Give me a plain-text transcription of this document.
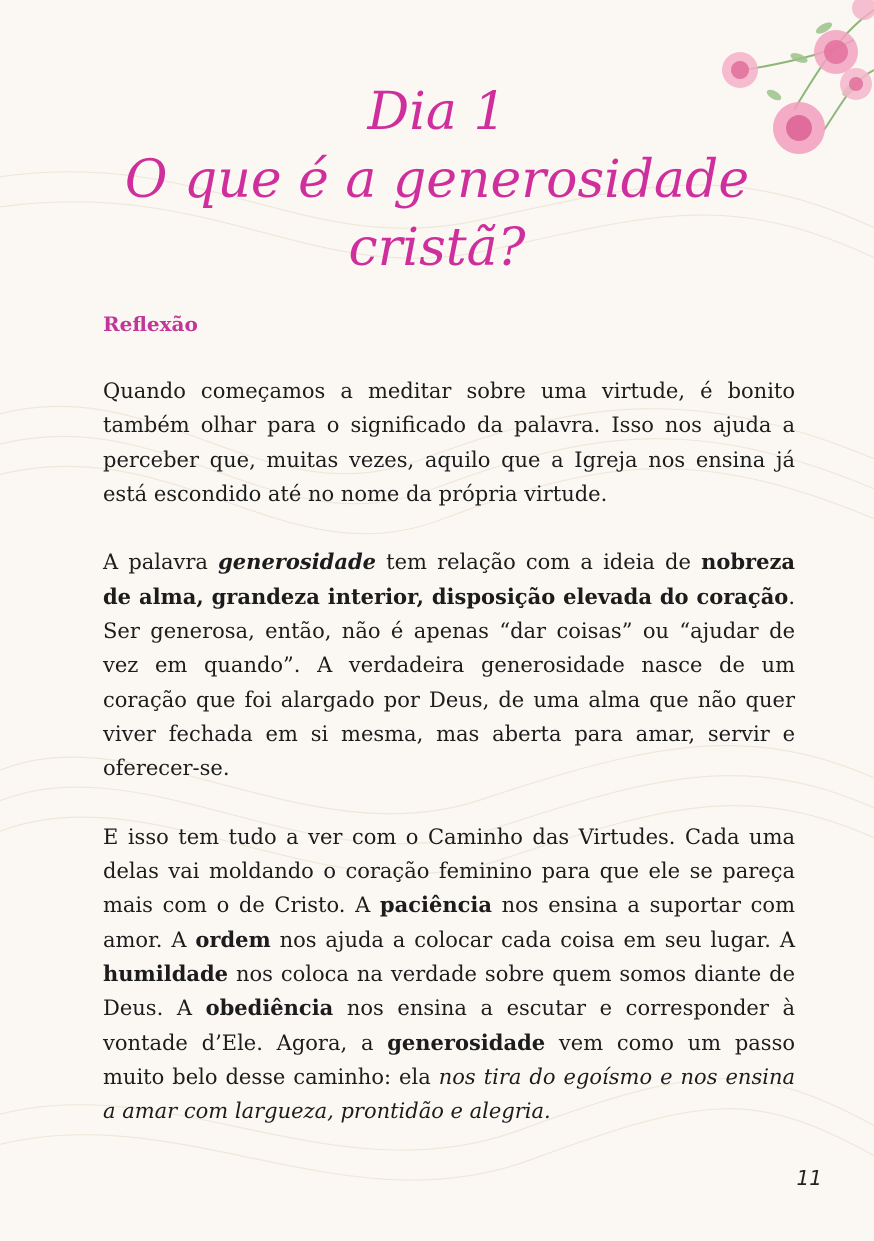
Dia 1
O que é a generosidade
cristã?
Reflexão

Quando começamos a meditar sobre uma virtude, é bonito também olhar para o significado da palavra. Isso nos ajuda a perceber que, muitas vezes, aquilo que a Igreja nos ensina já está escondido até no nome da própria virtude.

A palavra generosidade tem relação com a ideia de nobreza de alma, grandeza interior, disposição elevada do coração. Ser generosa, então, não é apenas “dar coisas” ou “ajudar de vez em quando”. A verdadeira generosidade nasce de um coração que foi alargado por Deus, de uma alma que não quer viver fechada em si mesma, mas aberta para amar, servir e oferecer-se.

E isso tem tudo a ver com o Caminho das Virtudes. Cada uma delas vai moldando o coração feminino para que ele se pareça mais com o de Cristo. A paciência nos ensina a suportar com amor. A ordem nos ajuda a colocar cada coisa em seu lugar. A humildade nos coloca na verdade sobre quem somos diante de Deus. A obediência nos ensina a escutar e corresponder à vontade d’Ele. Agora, a generosidade vem como um passo muito belo desse caminho: ela nos tira do egoísmo e nos ensina a amar com largueza, prontidão e alegria.

11
